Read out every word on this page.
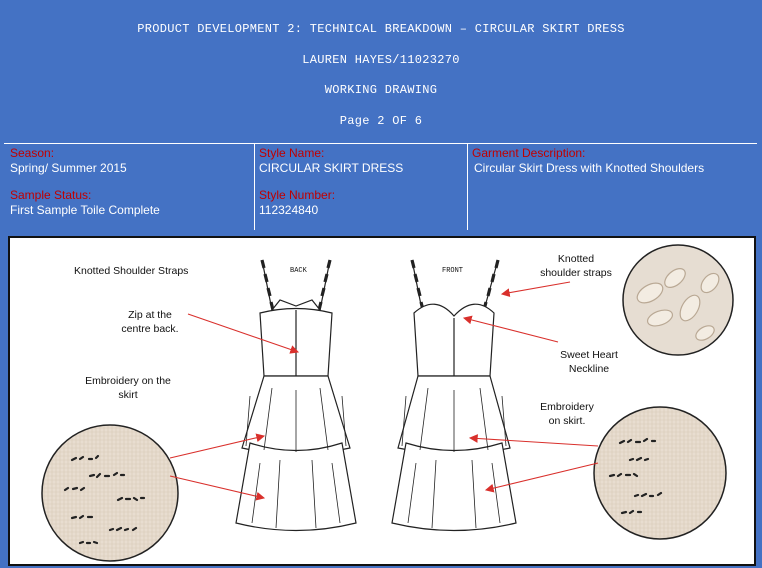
PRODUCT DEVELOPMENT 2: TECHNICAL BREAKDOWN – CIRCULAR SKIRT DRESS
LAUREN HAYES/11023270
WORKING DRAWING
Page 2 OF 6
Season:
Spring/ Summer 2015
Sample Status:
First Sample Toile Complete
Style Name:
CIRCULAR SKIRT DRESS
Style Number:
112324840
Garment Description:
Circular Skirt Dress with Knotted Shoulders
BACK	FRONT
Knotted Shoulder Straps
Zip at the
centre back.
Embroidery on the
skirt
Knotted
shoulder straps
Sweet Heart
Neckline
Embroidery
on skirt.
